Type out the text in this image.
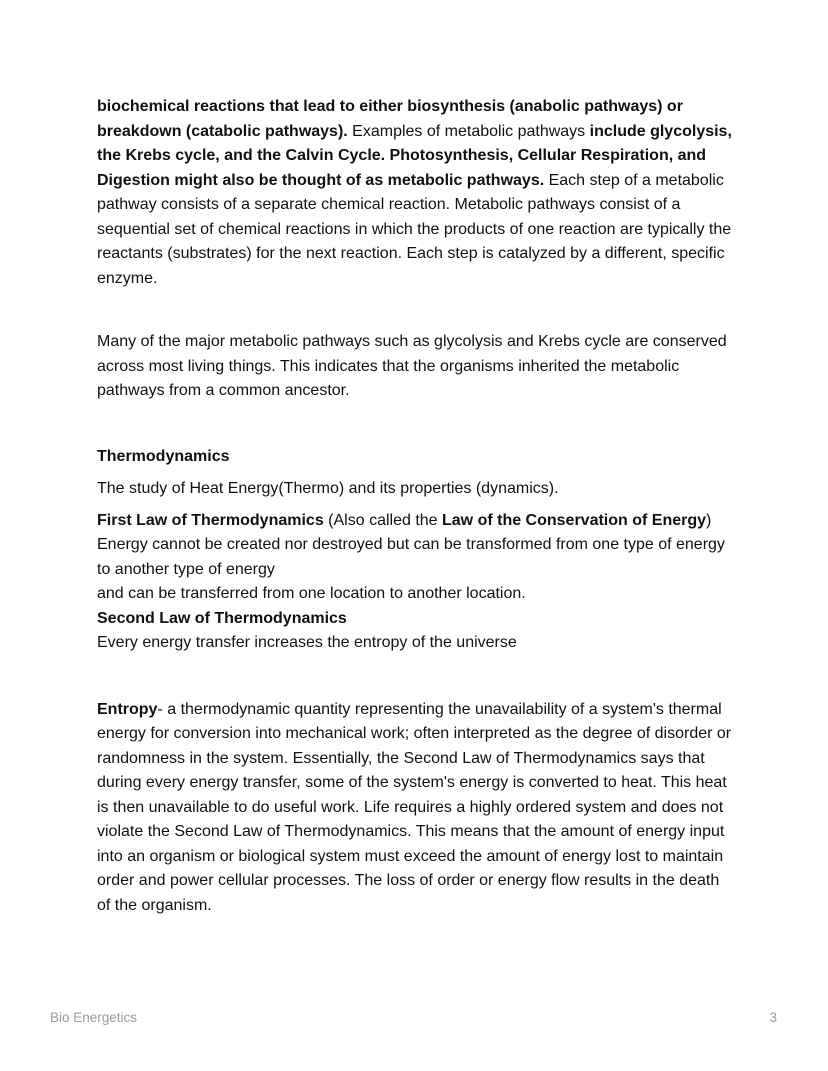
biochemical reactions that lead to either biosynthesis (anabolic pathways) or breakdown (catabolic pathways). Examples of metabolic pathways include glycolysis, the Krebs cycle, and the Calvin Cycle. Photosynthesis, Cellular Respiration, and Digestion might also be thought of as metabolic pathways. Each step of a metabolic pathway consists of a separate chemical reaction. Metabolic pathways consist of a sequential set of chemical reactions in which the products of one reaction are typically the reactants (substrates) for the next reaction. Each step is catalyzed by a different, specific enzyme.

Many of the major metabolic pathways such as glycolysis and Krebs cycle are conserved across most living things. This indicates that the organisms inherited the metabolic pathways from a common ancestor.

Thermodynamics

The study of Heat Energy(Thermo) and its properties (dynamics).

First Law of Thermodynamics (Also called the Law of the Conservation of Energy)
Energy cannot be created nor destroyed but can be transformed from one type of energy to another type of energy
and can be transferred from one location to another location.
Second Law of Thermodynamics
Every energy transfer increases the entropy of the universe

Entropy- a thermodynamic quantity representing the unavailability of a system's thermal energy for conversion into mechanical work; often interpreted as the degree of disorder or randomness in the system. Essentially, the Second Law of Thermodynamics says that during every energy transfer, some of the system's energy is converted to heat. This heat is then unavailable to do useful work. Life requires a highly ordered system and does not violate the Second Law of Thermodynamics. This means that the amount of energy input into an organism or biological system must exceed the amount of energy lost to maintain order and power cellular processes. The loss of order or energy flow results in the death of the organism.

Bio Energetics	3
